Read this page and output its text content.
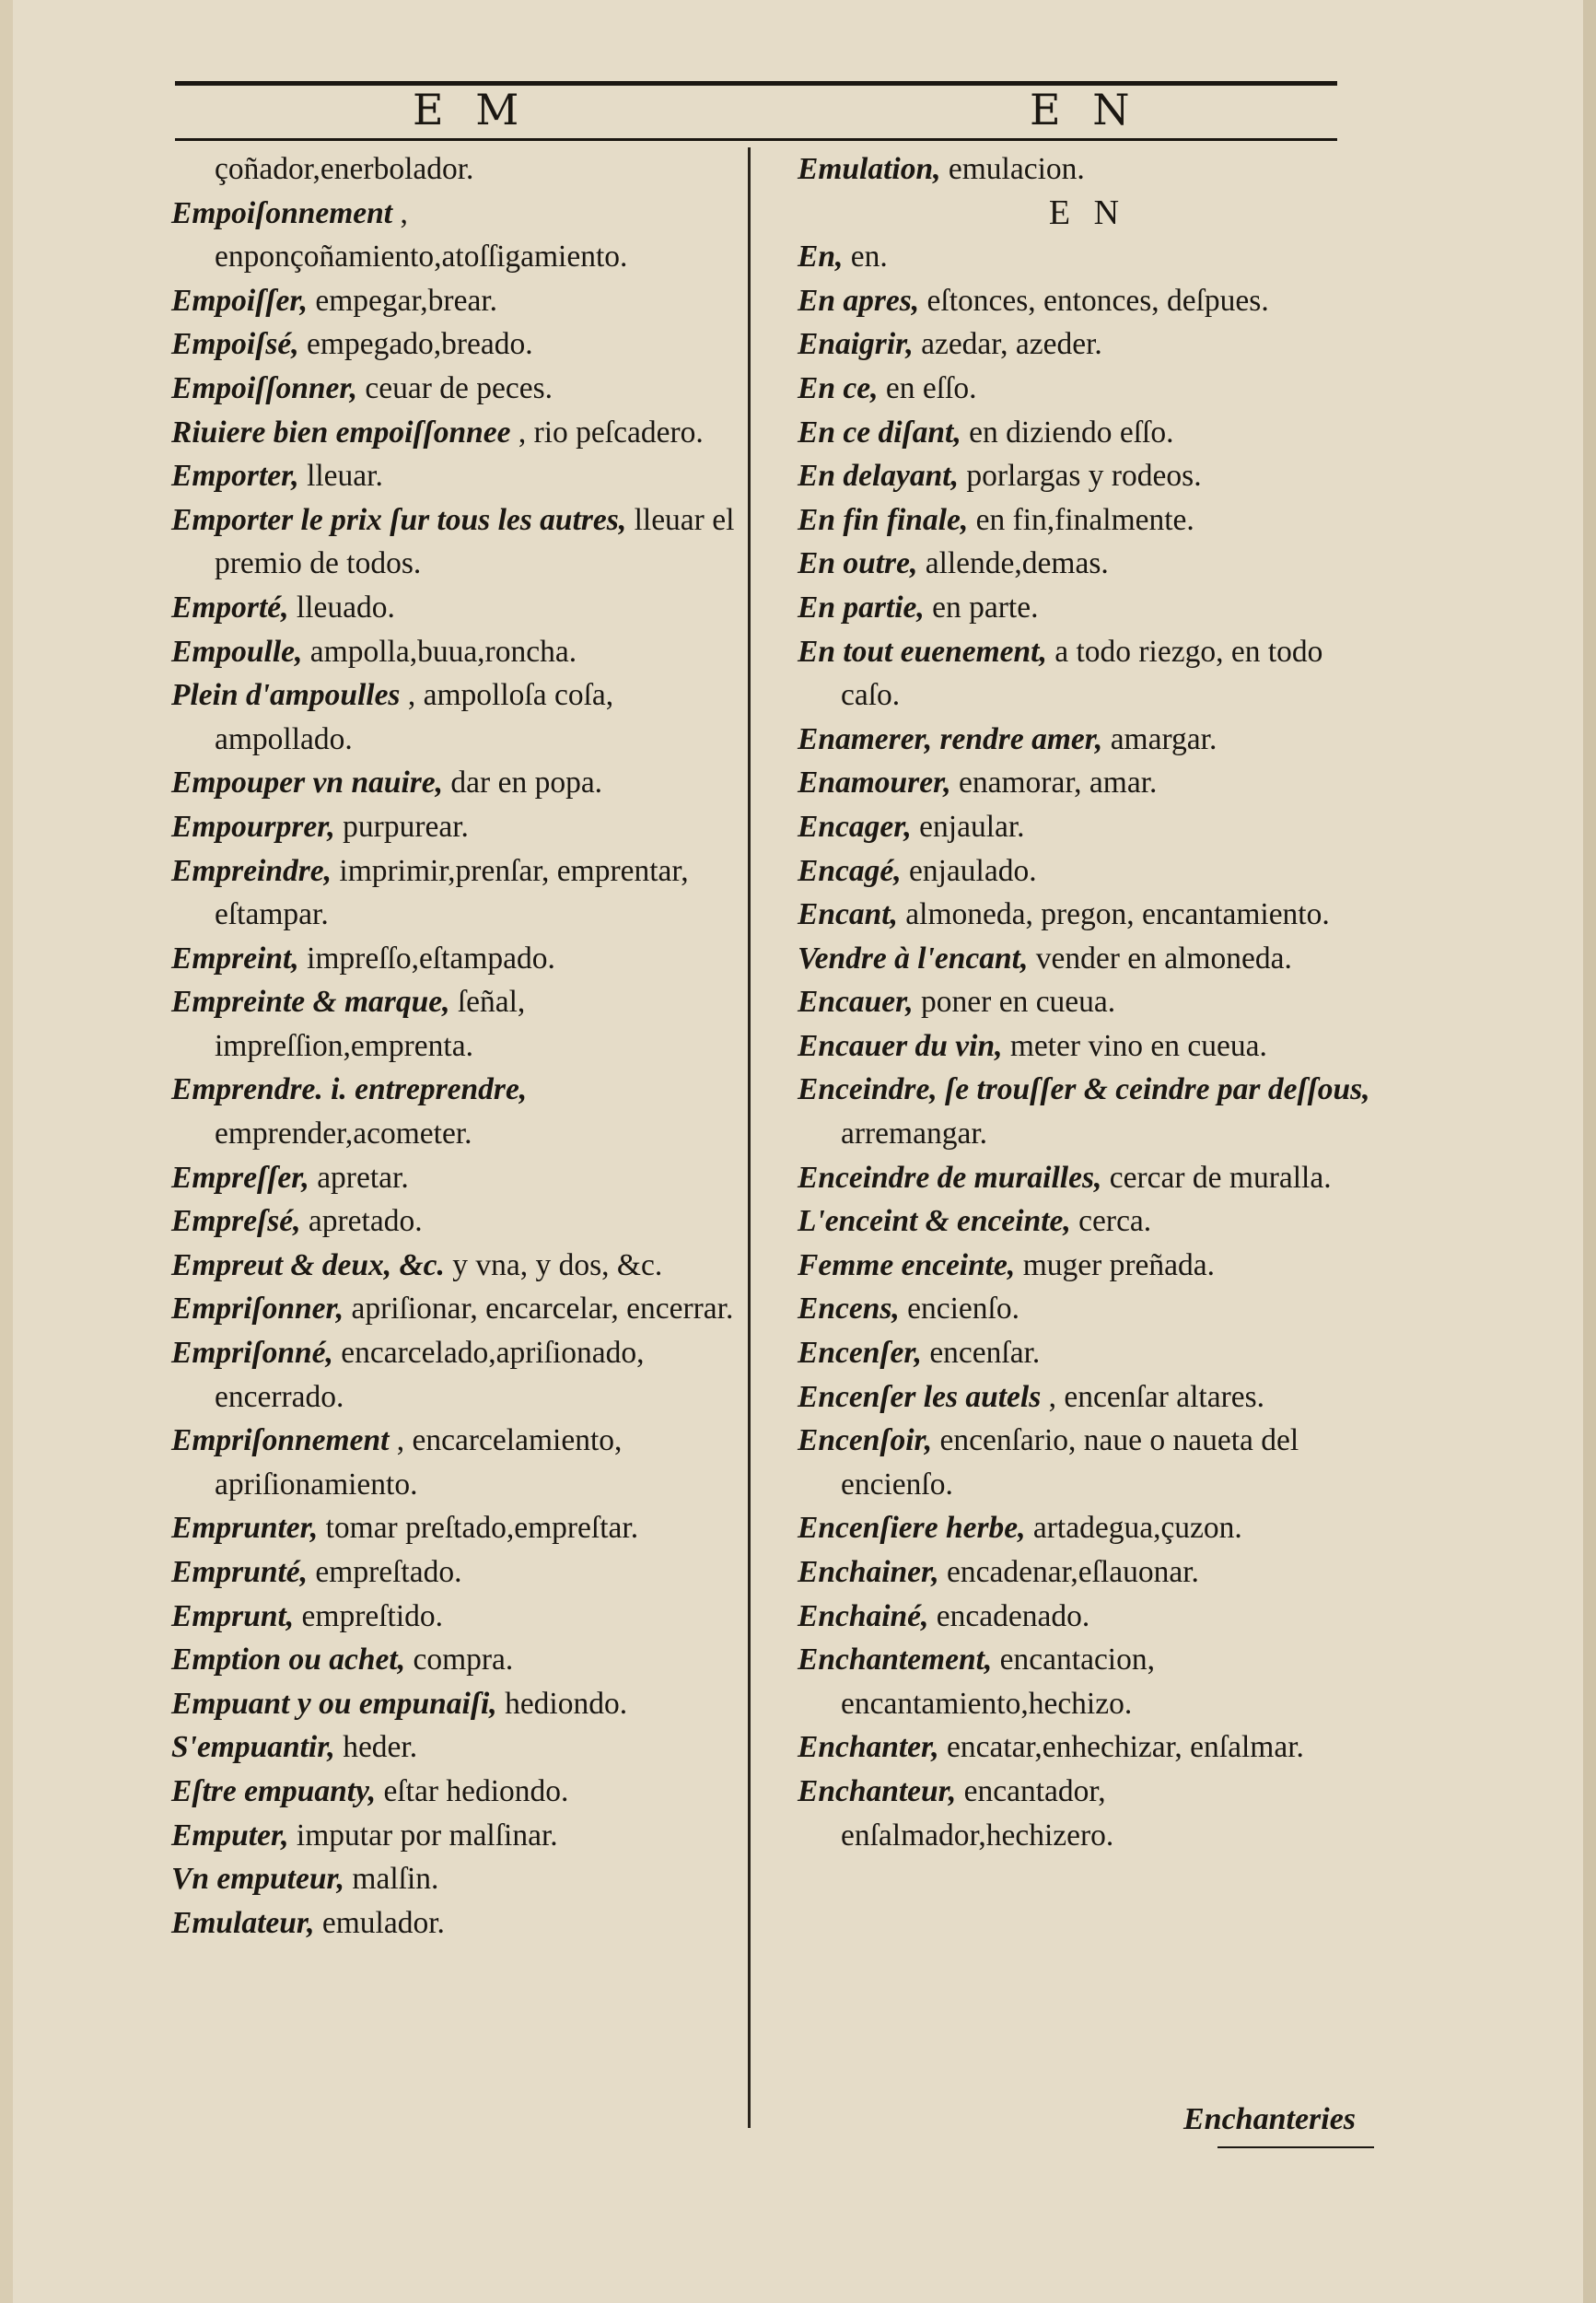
E M	E N

çoñador,enerbolador.

Empoiſonnement , enponçoñamiento,atoſſigamiento.

Empoiſſer, empegar,brear.

Empoiſsé, empegado,breado.

Empoiſſonner, ceuar de peces.

Riuiere bien empoiſſonnee , rio peſcadero.

Emporter, lleuar.

Emporter le prix ſur tous les autres, lleuar el premio de todos.

Emporté, lleuado.

Empoulle, ampolla,buua,roncha.

Plein d'ampoulles , ampolloſa coſa, ampollado.

Empouper vn nauire, dar en popa.

Empourprer, purpurear.

Empreindre, imprimir,prenſar, emprentar, eſtampar.

Empreint, impreſſo,eſtampado.

Empreinte & marque, ſeñal, impreſſion,emprenta.

Emprendre. i. entreprendre, emprender,acometer.

Empreſſer, apretar.

Empreſsé, apretado.

Empreut & deux, &c. y vna, y dos, &c.

Empriſonner, apriſionar, encarcelar, encerrar.

Empriſonné, encarcelado,apriſionado, encerrado.

Empriſonnement , encarcelamiento, apriſionamiento.

Emprunter, tomar preſtado,empreſtar.

Emprunté, empreſtado.

Emprunt, empreſtido.

Emption ou achet, compra.

Empuant y ou empunaiſi, hediondo.

S'empuantir, heder.

Eſtre empuanty, eſtar hediondo.

Emputer, imputar por malſinar.

Vn emputeur, malſin.

Emulateur, emulador.

Emulation, emulacion.

E N

En, en.

En apres, eſtonces, entonces, deſpues.

Enaigrir, azedar, azeder.

En ce, en eſſo.

En ce diſant, en diziendo eſſo.

En delayant, porlargas y rodeos.

En fin finale, en fin,finalmente.

En outre, allende,demas.

En partie, en parte.

En tout euenement, a todo riezgo, en todo caſo.

Enamerer, rendre amer, amargar.

Enamourer, enamorar, amar.

Encager, enjaular.

Encagé, enjaulado.

Encant, almoneda, pregon, encantamiento.

Vendre à l'encant, vender en almoneda.

Encauer, poner en cueua.

Encauer du vin, meter vino en cueua.

Enceindre, ſe trouſſer & ceindre par deſſous, arremangar.

Enceindre de murailles, cercar de muralla.

L'enceint & enceinte, cerca.

Femme enceinte, muger preñada.

Encens, encienſo.

Encenſer, encenſar.

Encenſer les autels , encenſar altares.

Encenſoir, encenſario, naue o naueta del encienſo.

Encenſiere herbe, artadegua,çuzon.

Enchainer, encadenar,eſlauonar.

Enchainé, encadenado.

Enchantement, encantacion, encantamiento,hechizo.

Enchanter, encatar,enhechizar, enſalmar.

Enchanteur, encantador, enſalmador,hechizero.

Enchanteries
